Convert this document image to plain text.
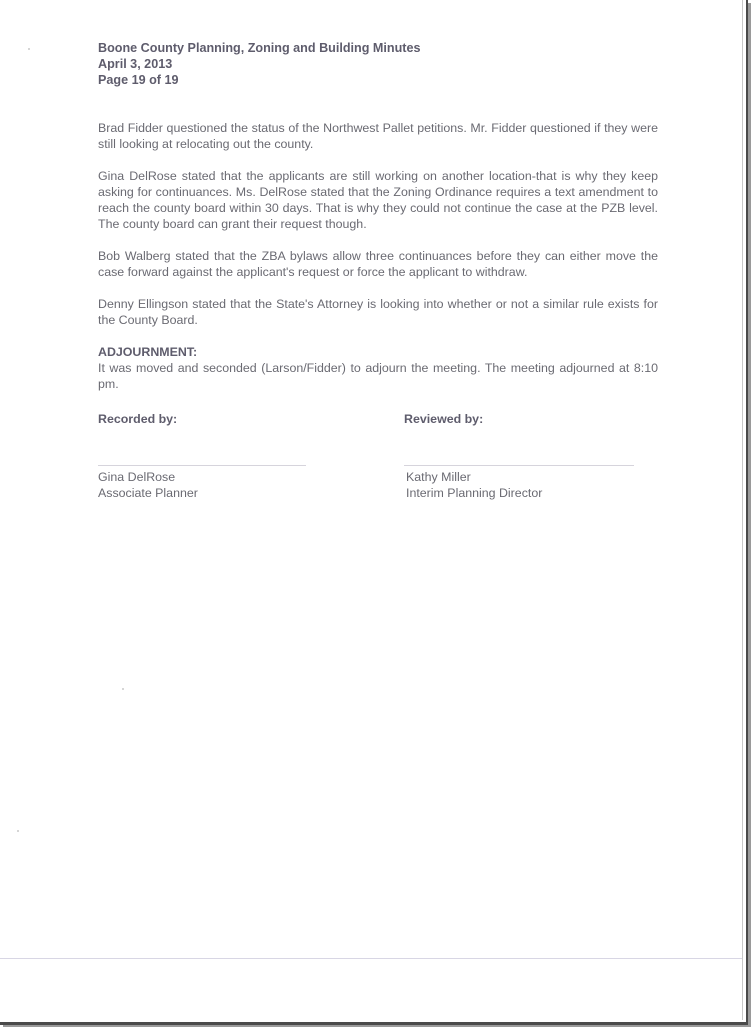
Boone County Planning, Zoning and Building Minutes
April 3, 2013
Page 19 of 19

Brad Fidder questioned the status of the Northwest Pallet petitions. Mr. Fidder questioned if they were still looking at relocating out the county.

Gina DelRose stated that the applicants are still working on another location-that is why they keep asking for continuances. Ms. DelRose stated that the Zoning Ordinance requires a text amendment to reach the county board within 30 days. That is why they could not continue the case at the PZB level. The county board can grant their request though.

Bob Walberg stated that the ZBA bylaws allow three continuances before they can either move the case forward against the applicant's request or force the applicant to withdraw.

Denny Ellingson stated that the State's Attorney is looking into whether or not a similar rule exists for the County Board.

ADJOURNMENT:

It was moved and seconded (Larson/Fidder) to adjourn the meeting. The meeting adjourned at 8:10 pm.

Recorded by:
Gina DelRose
Associate Planner
Reviewed by:
Kathy Miller
Interim Planning Director
